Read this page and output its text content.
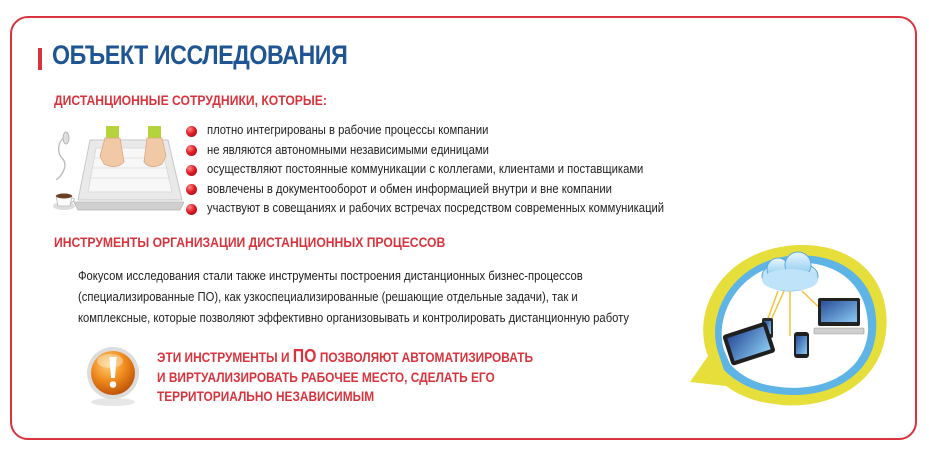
ОБЪЕКТ ИССЛЕДОВАНИЯ
ДИСТАНЦИОННЫЕ СОТРУДНИКИ, КОТОРЫЕ:
плотно интегрированы в рабочие процессы компании
не являются автономными независимыми единицами
осуществляют постоянные коммуникации с коллегами, клиентами и поставщиками
вовлечены в документооборот и обмен информацией внутри и вне компании
участвуют в совещаниях и рабочих встречах посредством современных коммуникаций
ИНСТРУМЕНТЫ ОРГАНИЗАЦИИ ДИСТАНЦИОННЫХ ПРОЦЕССОВ
Фокусом исследования стали также инструменты построения дистанционных бизнес-процессов
(специализированные ПО), как узкоспециализированные (решающие отдельные задачи), так и
комплексные, которые позволяют эффективно организовывать и контролировать дистанционную работу
ЭТИ ИНСТРУМЕНТЫ И ПО ПОЗВОЛЯЮТ АВТОМАТИЗИРОВАТЬ
И ВИРТУАЛИЗИРОВАТЬ РАБОЧЕЕ МЕСТО, СДЕЛАТЬ ЕГО
ТЕРРИТОРИАЛЬНО НЕЗАВИСИМЫМ
